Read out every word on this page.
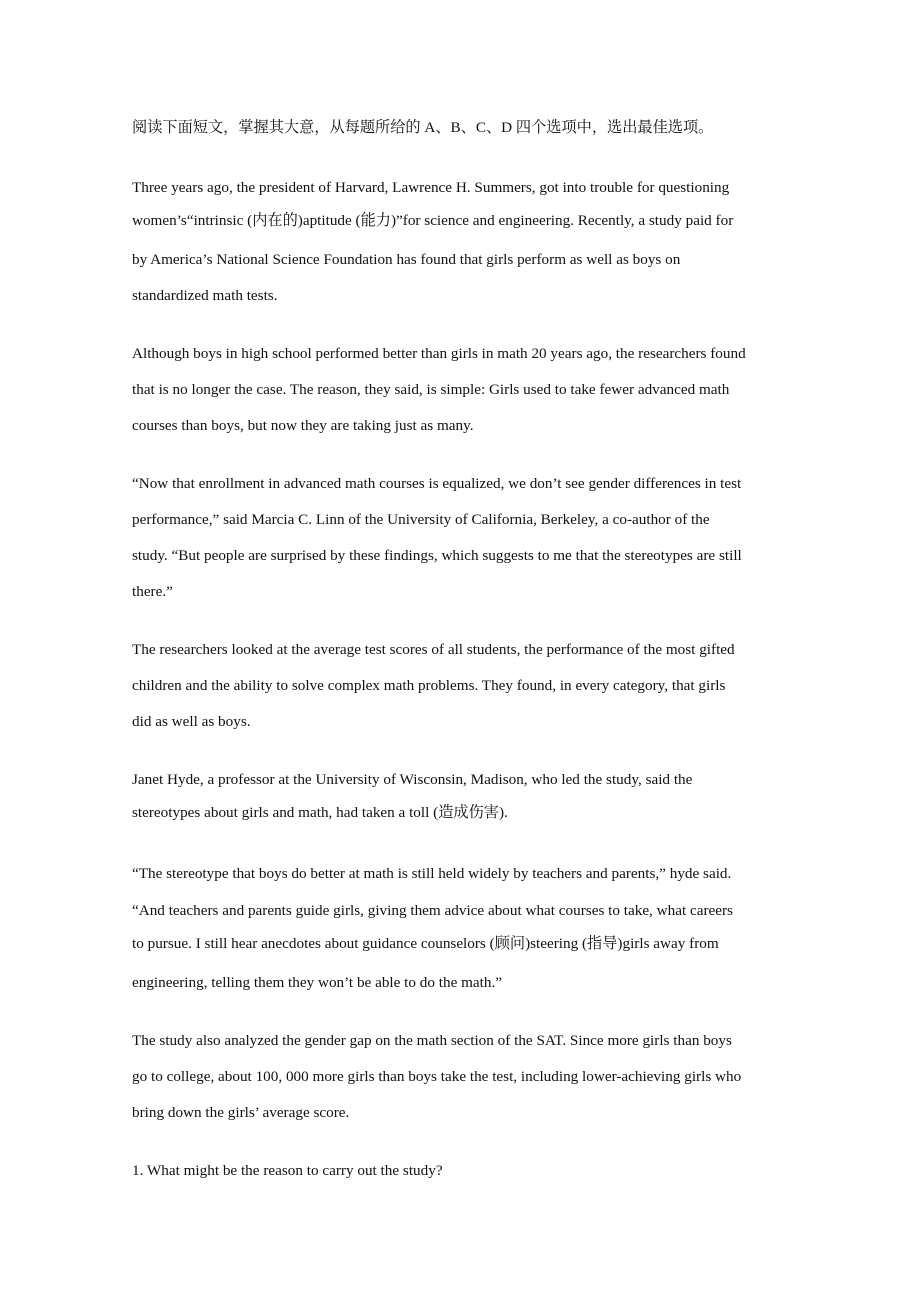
阅读下面短文，掌握其大意，从每题所给的 A、B、C、D 四个选项中，选出最佳选项。
Three years ago, the president of Harvard, Lawrence H. Summers, got into trouble for questioning
women’s“intrinsic (内在的)aptitude (能力)”for science and engineering. Recently, a study paid for
by America’s National Science Foundation has found that girls perform as well as boys on
standardized math tests.
Although boys in high school performed better than girls in math 20 years ago, the researchers found
that is no longer the case. The reason, they said, is simple: Girls used to take fewer advanced math
courses than boys, but now they are taking just as many.
“Now that enrollment in advanced math courses is equalized, we don’t see gender differences in test
performance,” said Marcia C. Linn of the University of California, Berkeley, a co-author of the
study. “But people are surprised by these findings, which suggests to me that the stereotypes are still
there.”
The researchers looked at the average test scores of all students, the performance of the most gifted
children and the ability to solve complex math problems. They found, in every category, that girls
did as well as boys.
Janet Hyde, a professor at the University of Wisconsin, Madison, who led the study, said the
stereotypes about girls and math, had taken a toll (造成伤害).
“The stereotype that boys do better at math is still held widely by teachers and parents,” hyde said.
“And teachers and parents guide girls, giving them advice about what courses to take, what careers
to pursue. I still hear anecdotes about guidance counselors (顾问)steering (指导)girls away from
engineering, telling them they won’t be able to do the math.”
The study also analyzed the gender gap on the math section of the SAT. Since more girls than boys
go to college, about 100, 000 more girls than boys take the test, including lower-achieving girls who
bring down the girls’ average score.
1. What might be the reason to carry out the study?
